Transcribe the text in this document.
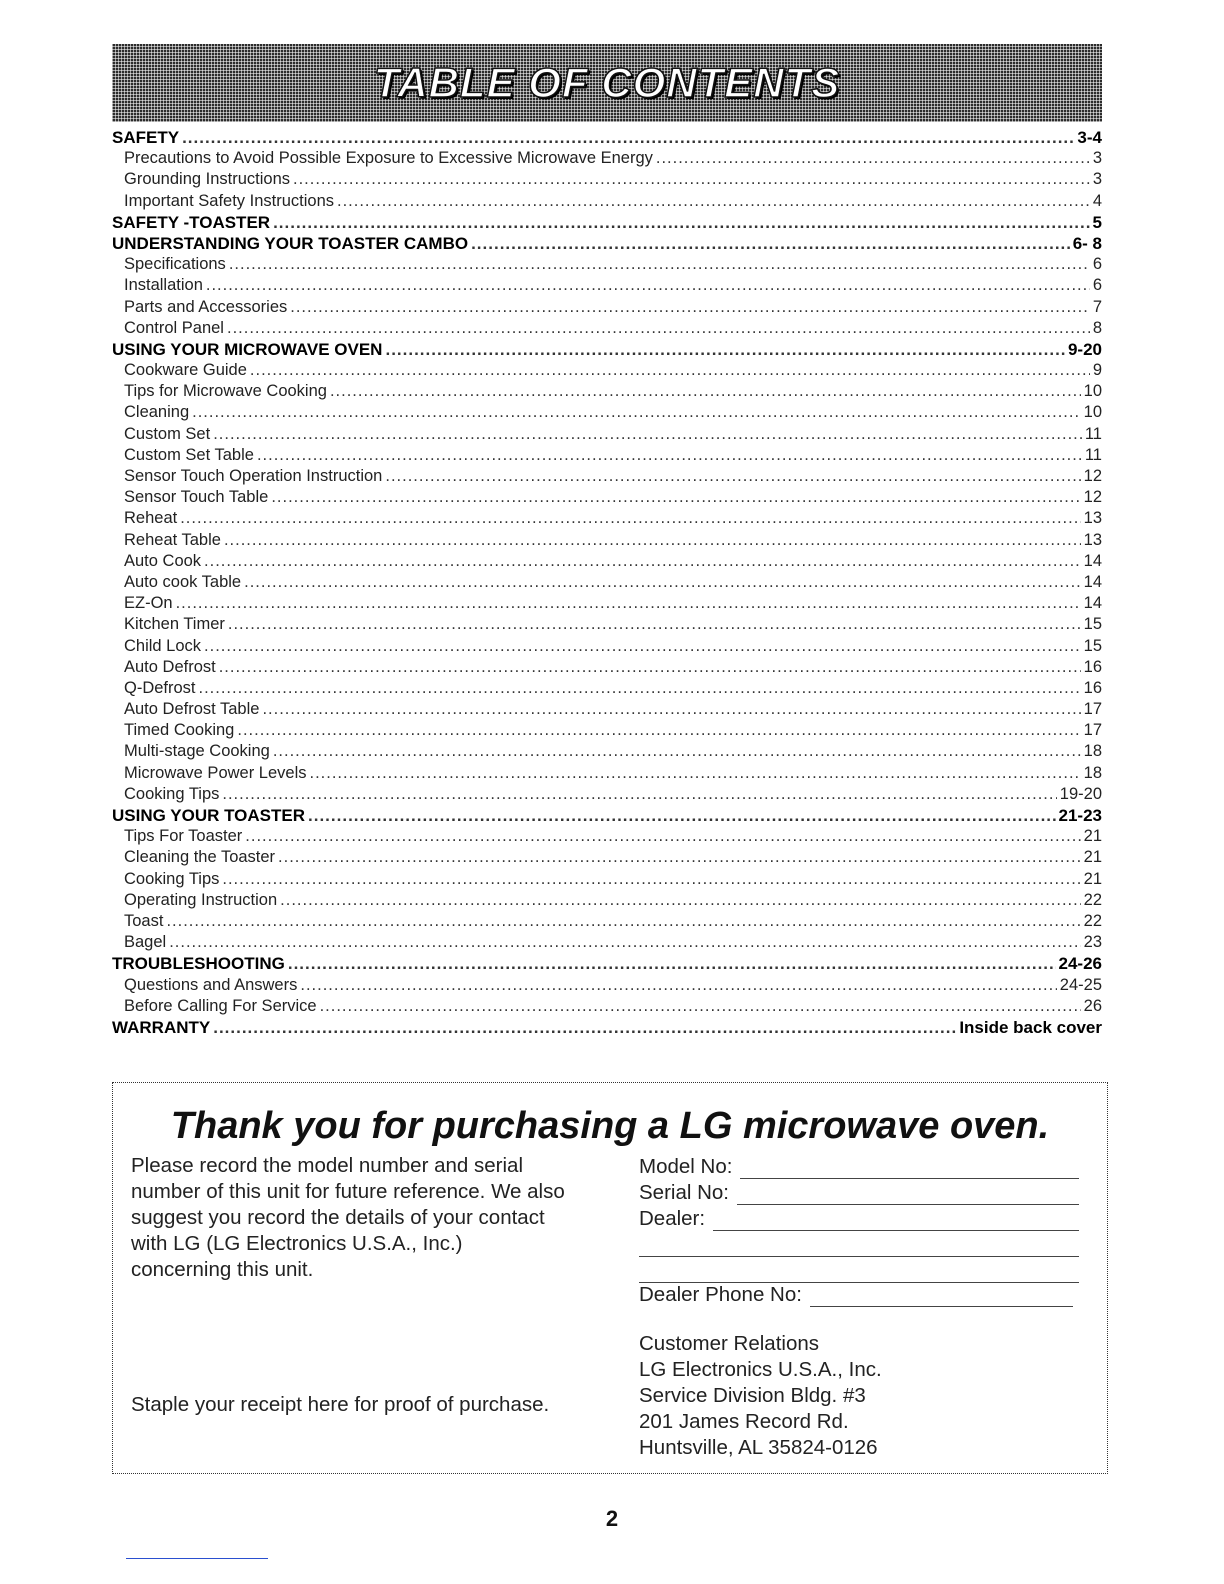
TABLE OF CONTENTS
SAFETY .....	3-4
Precautions to Avoid Possible Exposure to Excessive Microwave Energy .....	3
Grounding Instructions .....	3
Important Safety Instructions .....	4
SAFETY -TOASTER .....	5
UNDERSTANDING YOUR TOASTER CAMBO .....	6- 8
Specifications .....	6
Installation .....	6
Parts and Accessories .....	7
Control Panel .....	8
USING YOUR MICROWAVE OVEN .....	9-20
Cookware Guide .....	9
Tips for Microwave Cooking .....	10
Cleaning .....	10
Custom Set .....	11
Custom Set Table .....	11
Sensor Touch Operation Instruction .....	12
Sensor Touch Table .....	12
Reheat .....	13
Reheat Table .....	13
Auto Cook .....	14
Auto cook Table .....	14
EZ-On .....	14
Kitchen Timer .....	15
Child Lock .....	15
Auto Defrost .....	16
Q-Defrost .....	16
Auto Defrost Table .....	17
Timed Cooking .....	17
Multi-stage Cooking .....	18
Microwave Power Levels .....	18
Cooking Tips .....	19-20
USING YOUR TOASTER .....	21-23
Tips For Toaster .....	21
Cleaning the Toaster .....	21
Cooking Tips .....	21
Operating Instruction .....	22
Toast .....	22
Bagel .....	23
TROUBLESHOOTING .....	24-26
Questions and Answers .....	24-25
Before Calling For Service .....	26
WARRANTY .....	Inside back cover
Thank you for purchasing a LG microwave oven.
Please record the model number and serial
number of this unit for future reference. We also
suggest you record the details of your contact
with LG (LG Electronics U.S.A., Inc.)
concerning this unit.
Staple your receipt here for proof of purchase.
Model No:
Serial No:
Dealer:
Dealer Phone No:
Customer Relations
LG Electronics U.S.A., Inc.
Service Division Bldg. #3
201 James Record Rd.
Huntsville, AL 35824-0126
2
